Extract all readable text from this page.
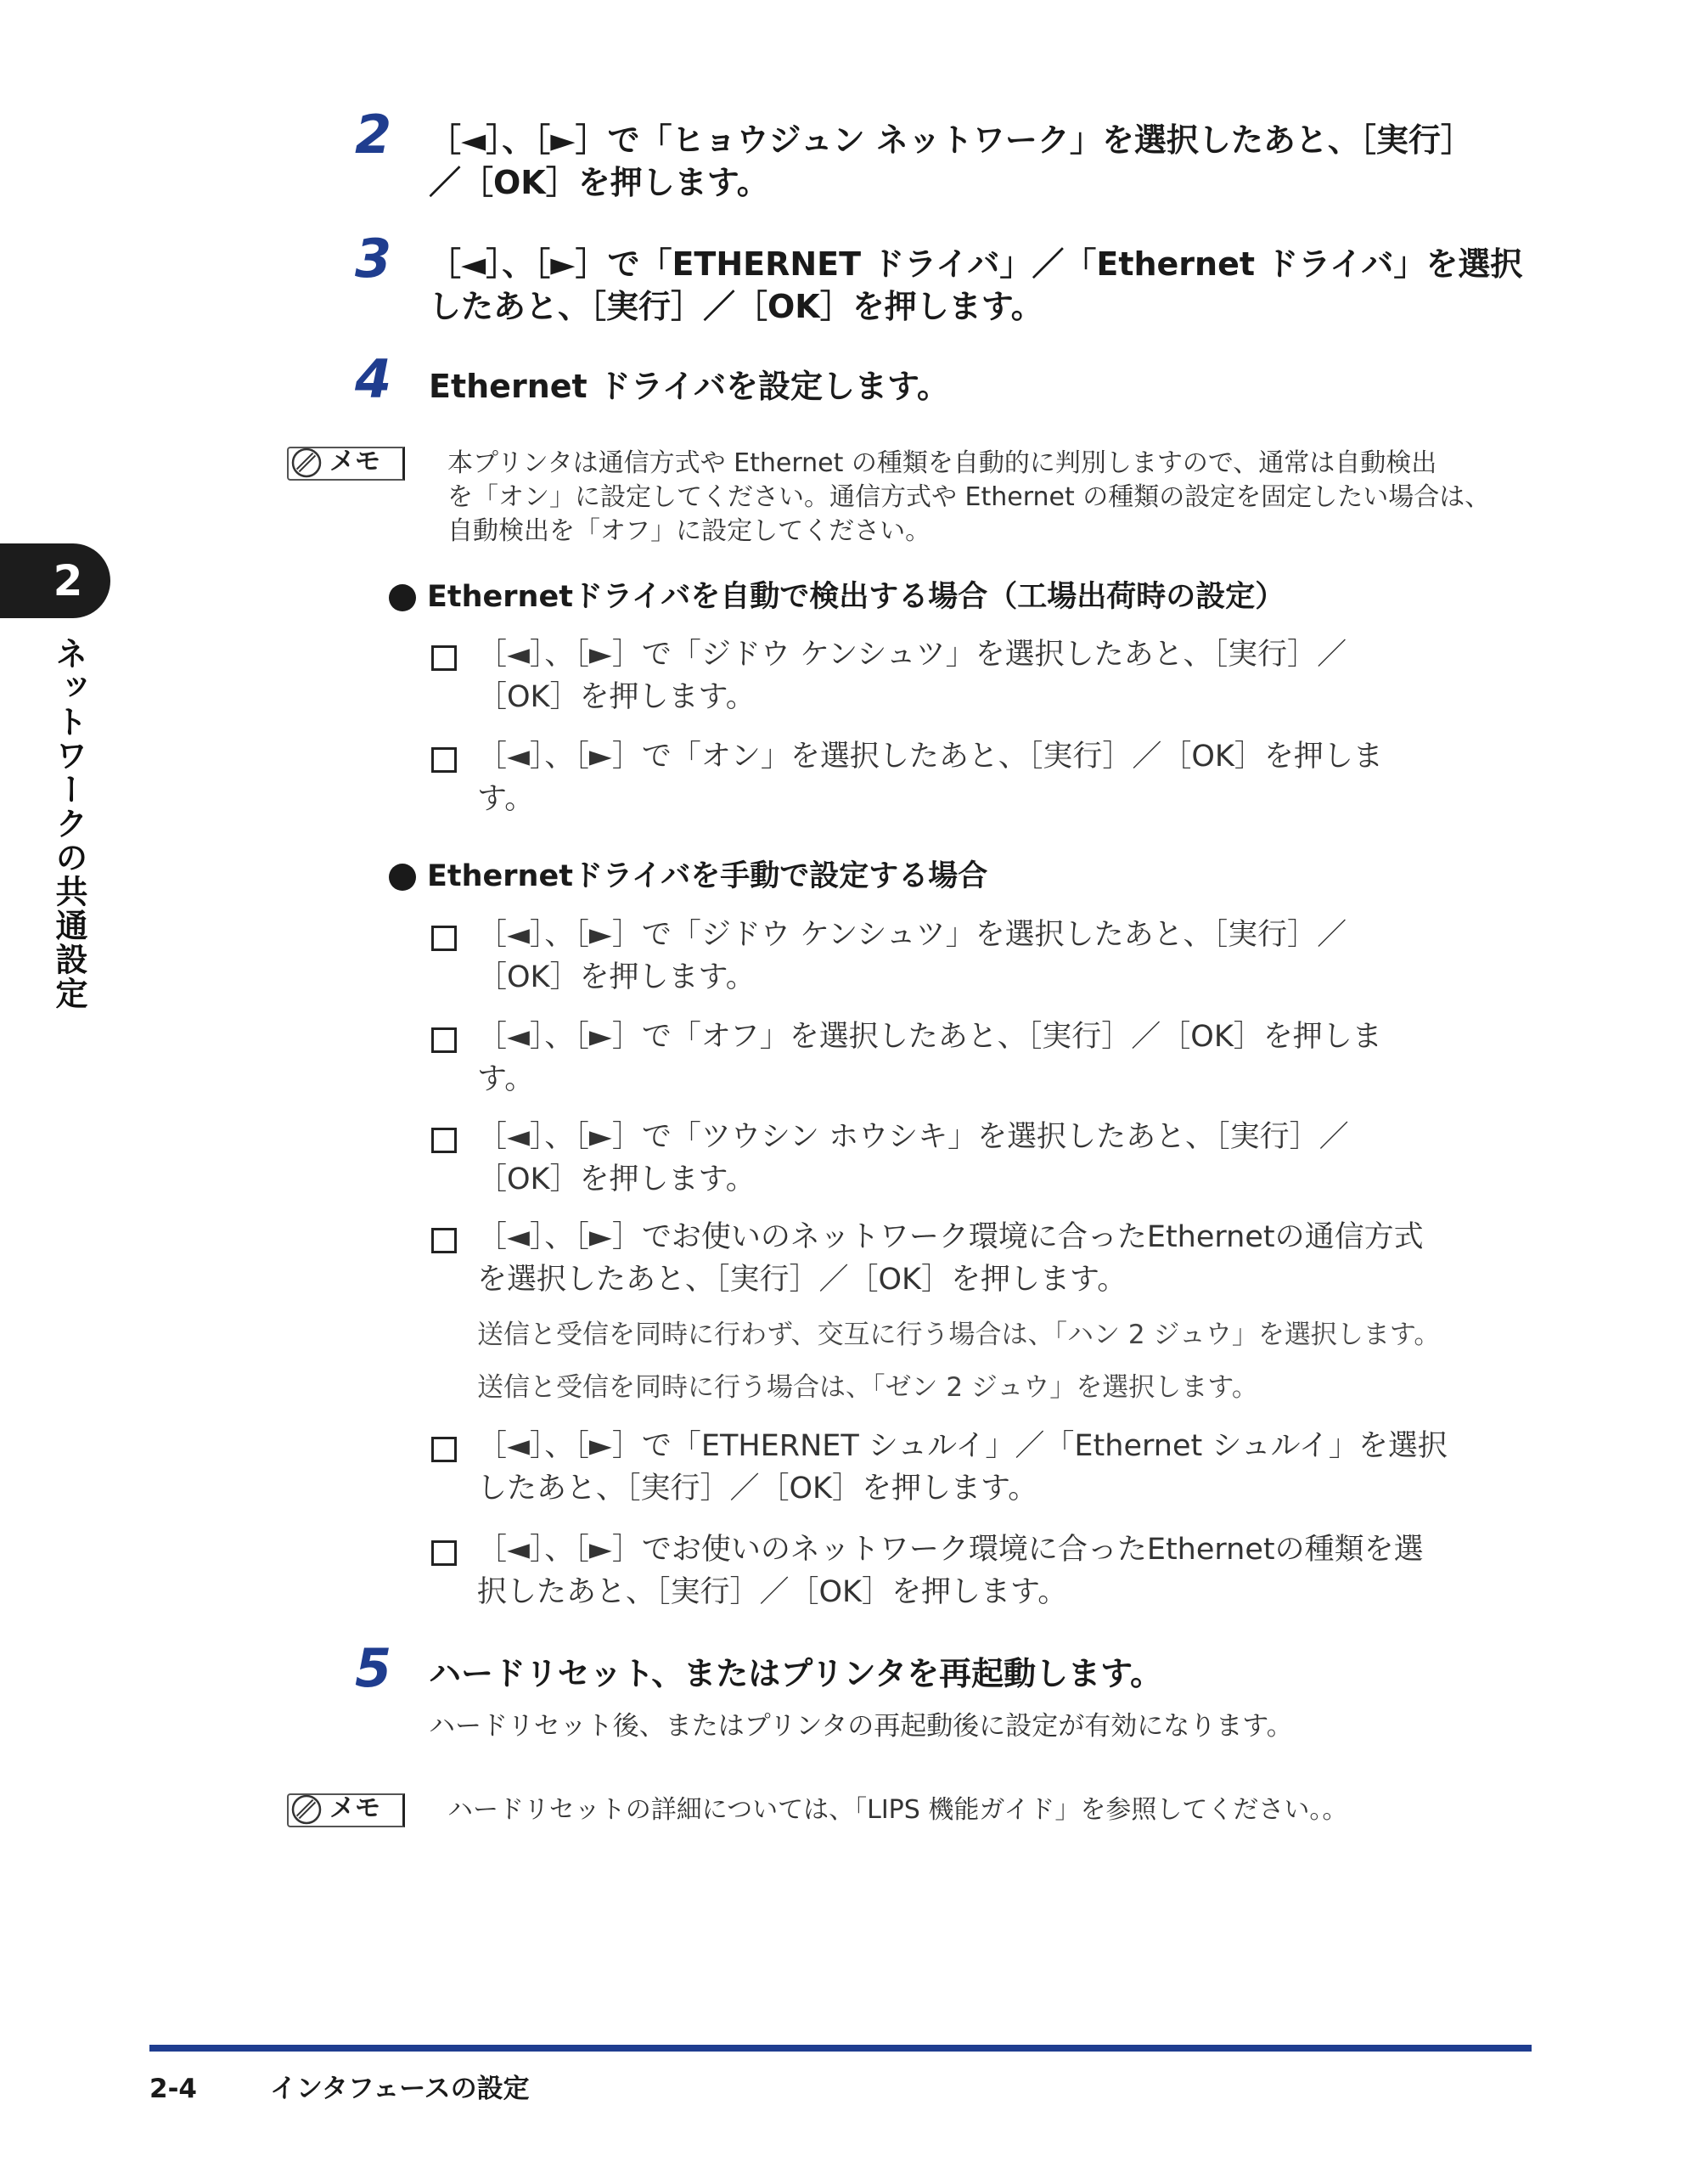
2
ネットワークの共通設定
2	［◄］、［►］で「ヒョウジュン ネットワーク」を選択したあと、［実行］
／［OK］を押します。
3	［◄］、［►］で「ETHERNET ドライバ」／「Ethernet ドライバ」を選択
したあと、［実行］／［OK］を押します。
4	Ethernet ドライバを設定します。
メモ	本プリンタは通信方式や Ethernet の種類を自動的に判別しますので、通常は自動検出
を「オン」に設定してください。通信方式や Ethernet の種類の設定を固定したい場合は、
自動検出を「オフ」に設定してください。
Ethernetドライバを自動で検出する場合（工場出荷時の設定）
［◄］、［►］で「ジドウ ケンシュツ」を選択したあと、［実行］／
［OK］を押します。
［◄］、［►］で「オン」を選択したあと、［実行］／［OK］を押しま
す。
Ethernetドライバを手動で設定する場合
［◄］、［►］で「ジドウ ケンシュツ」を選択したあと、［実行］／
［OK］を押します。
［◄］、［►］で「オフ」を選択したあと、［実行］／［OK］を押しま
す。
［◄］、［►］で「ツウシン ホウシキ」を選択したあと、［実行］／
［OK］を押します。
［◄］、［►］でお使いのネットワーク環境に合ったEthernetの通信方式
を選択したあと、［実行］／［OK］を押します。
送信と受信を同時に行わず、交互に行う場合は、「ハン 2 ジュウ」を選択します。
送信と受信を同時に行う場合は、「ゼン 2 ジュウ」を選択します。
［◄］、［►］で「ETHERNET シュルイ」／「Ethernet シュルイ」を選択
したあと、［実行］／［OK］を押します。
［◄］、［►］でお使いのネットワーク環境に合ったEthernetの種類を選
択したあと、［実行］／［OK］を押します。
5	ハードリセット、またはプリンタを再起動します。
ハードリセット後、またはプリンタの再起動後に設定が有効になります。
メモ	ハードリセットの詳細については、「LIPS 機能ガイド」を参照してください。。
2-4	インタフェースの設定
